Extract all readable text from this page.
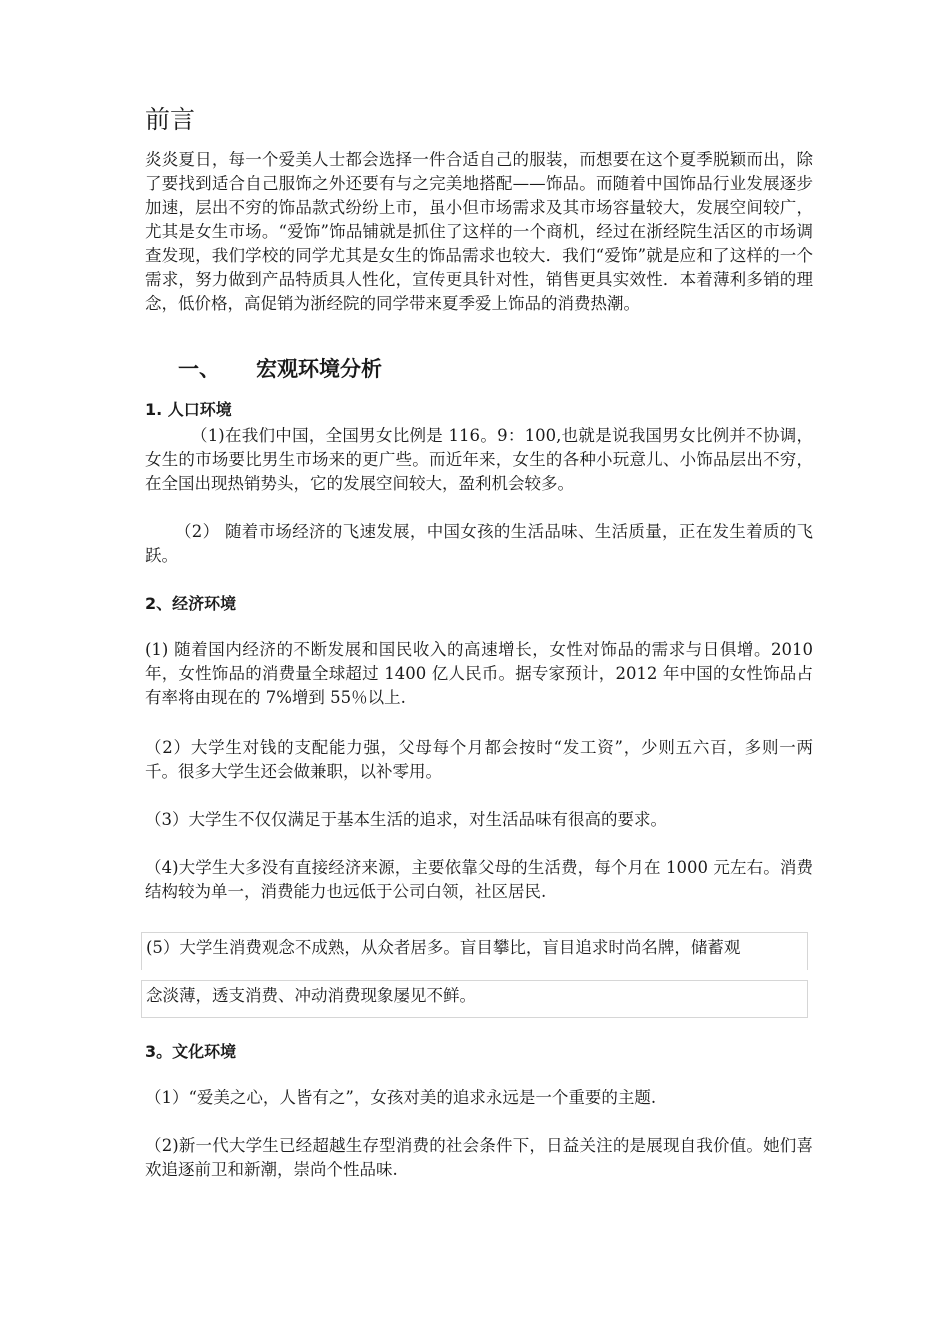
前言
炎炎夏日，每一个爱美人士都会选择一件合适自己的服装，而想要在这个夏季脱颖而出，除了要找到适合自己服饰之外还要有与之完美地搭配——饰品。而随着中国饰品行业发展逐步加速，层出不穷的饰品款式纷纷上市，虽小但市场需求及其市场容量较大，发展空间较广，尤其是女生市场。“爱饰”饰品铺就是抓住了这样的一个商机，经过在浙经院生活区的市场调查发现，我们学校的同学尤其是女生的饰品需求也较大．我们“爱饰”就是应和了这样的一个需求，努力做到产品特质具人性化，宣传更具针对性，销售更具实效性．本着薄利多销的理念，低价格，高促销为浙经院的同学带来夏季爱上饰品的消费热潮。
一、 宏观环境分析
1. 人口环境
（1)在我们中国，全国男女比例是 116。9：100,也就是说我国男女比例并不协调，女生的市场要比男生市场来的更广些。而近年来，女生的各种小玩意儿、小饰品层出不穷，在全国出现热销势头，它的发展空间较大，盈利机会较多。
（2） 随着市场经济的飞速发展，中国女孩的生活品味、生活质量，正在发生着质的飞跃。
2、经济环境
(1) 随着国内经济的不断发展和国民收入的高速增长，女性对饰品的需求与日俱增。2010 年，女性饰品的消费量全球超过 1400 亿人民币。据专家预计，2012 年中国的女性饰品占有率将由现在的 7%增到 55％以上.
（2）大学生对钱的支配能力强，父母每个月都会按时“发工资”，少则五六百，多则一两千。很多大学生还会做兼职，以补零用。
（3）大学生不仅仅满足于基本生活的追求，对生活品味有很高的要求。
（4)大学生大多没有直接经济来源，主要依靠父母的生活费，每个月在 1000 元左右。消费结构较为单一，消费能力也远低于公司白领，社区居民.
(5）大学生消费观念不成熟，从众者居多。盲目攀比，盲目追求时尚名牌，储蓄观
念淡薄，透支消费、冲动消费现象屡见不鲜。
3。文化环境
（1）“爱美之心，人皆有之”，女孩对美的追求永远是一个重要的主题.
（2)新一代大学生已经超越生存型消费的社会条件下，日益关注的是展现自我价值。她们喜欢追逐前卫和新潮，崇尚个性品味.
